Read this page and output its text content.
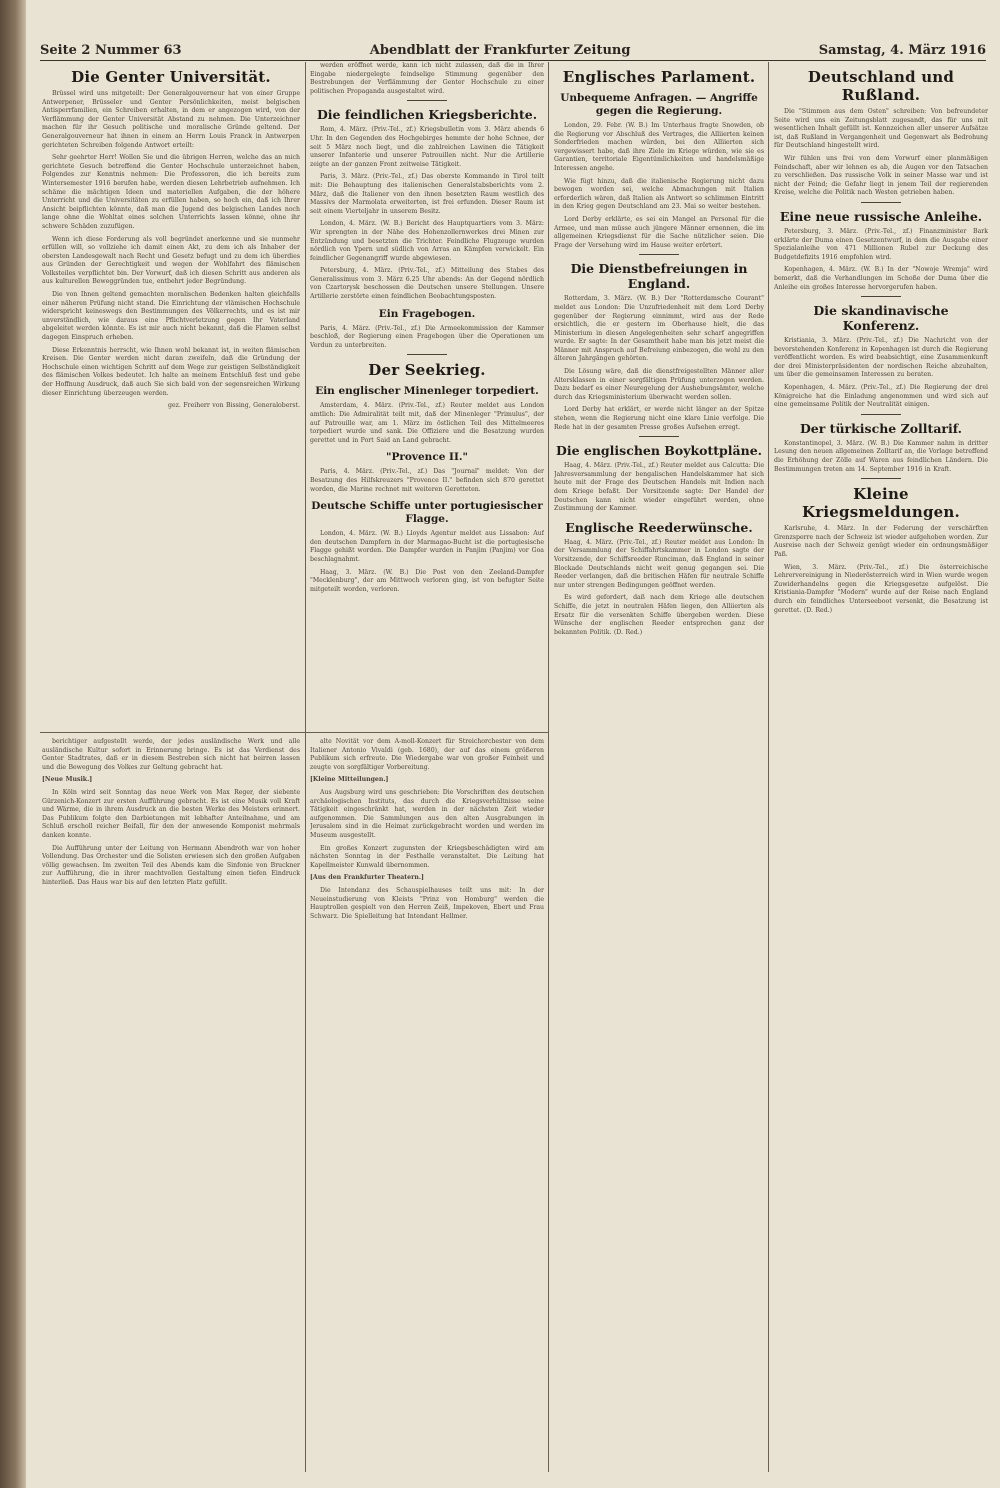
Seite 2 Nummer 63	Abendblatt der Frankfurter Zeitung	Samstag, 4. März 1916
Die Genter Universität.

Brüssel wird uns mitgeteilt: Der Generalgouverneur hat von einer Gruppe Antwerpener, Brüsseler und Genter Persönlichkeiten, meist belgischen Antisperrfamilien, ein Schreiben erhalten, in dem er angezogen wird, von der Verflämmung der Genter Universität Abstand zu nehmen. Die Unterzeichner machen für ihr Gesuch politische und moralische Gründe geltend. Der Generalgouverneur hat ihnen in einem an Herrn Louis Franck in Antwerpen gerichteten Schreiben folgende Antwort erteilt:

Sehr geehrter Herr! Wollen Sie und die übrigen Herren, welche das an mich gerichtete Gesuch betreffend die Genter Hochschule unterzeichnet haben, Folgendes zur Kenntnis nehmen: Die Professoren, die ich bereits zum Wintersemester 1916 berufen habe, werden diesen Lehrbetrieb aufnehmen. Ich schäme die mächtigen Ideen und materiellen Aufgaben, die der höhere Unterricht und die Universitäten zu erfüllen haben, so hoch ein, daß ich Ihrer Ansicht beipflichten könnte, daß man die Jugend des belgischen Landes noch lange ohne die Wohltat eines solchen Unterrichts lassen könne, ohne ihr schwere Schäden zuzufügen.

Wenn ich diese Forderung als voll begründet anerkenne und sie nunmehr erfüllen will, so vollziehe ich damit einen Akt, zu dem ich als Inhaber der obersten Landesgewalt nach Recht und Gesetz befugt und zu dem ich überdies aus Gründen der Gerechtigkeit und wegen der Wohlfahrt des flämischen Volksteiles verpflichtet bin. Der Vorwurf, daß ich diesen Schritt aus anderen als aus kulturellen Beweggründen tue, entbehrt jeder Begründung.

Die von Ihnen geltend gemachten moralischen Bedenken halten gleichfalls einer näheren Prüfung nicht stand. Die Einrichtung der vlämischen Hochschule widerspricht keineswegs den Bestimmungen des Völkerrechts, und es ist mir unverständlich, wie daraus eine Pflichtverletzung gegen Ihr Vaterland abgeleitet werden könnte. Es ist mir auch nicht bekannt, daß die Flamen selbst dagegen Einspruch erheben.

Diese Erkenntnis herrscht, wie Ihnen wohl bekannt ist, in weiten flämischen Kreisen. Die Genter werden nicht daran zweifeln, daß die Gründung der Hochschule einen wichtigen Schritt auf dem Wege zur geistigen Selbständigkeit des flämischen Volkes bedeutet. Ich halte an meinem Entschluß fest und gebe der Hoffnung Ausdruck, daß auch Sie sich bald von der segensreichen Wirkung dieser Einrichtung überzeugen werden.

gez. Freiherr von Bissing, Generaloberst.

werden eröffnet werde, kann ich nicht zulassen, daß die in Ihrer Eingabe niedergelegte feindselige Stimmung gegenüber den Bestrebungen der Verflämmung der Genter Hochschule zu einer politischen Propaganda ausgestaltet wird.

Die feindlichen Kriegsberichte.

Rom, 4. März. (Priv.-Tel., zf.) Kriegsbulletin vom 3. März abends 6 Uhr. In den Gegenden des Hochgebirges hemmte der hohe Schnee, der seit 5 März noch liegt, und die zahlreichen Lawinen die Tätigkeit unserer Infanterie und unserer Patrouillen nicht. Nur die Artillerie zeigte an der ganzen Front zeitweise Tätigkeit.

Paris, 3. März. (Priv.-Tel., zf.) Das oberste Kommando in Tirol teilt mit: Die Behauptung des italienischen Generalstabsberichts vom 2. März, daß die Italiener von den ihnen besetzten Raum westlich des Massivs der Marmolata erweiterten, ist frei erfunden. Dieser Raum ist seit einem Vierteljahr in unserem Besitz.

London, 4. März. (W. B.) Bericht des Hauptquartiers vom 3. März: Wir sprengten in der Nähe des Hohenzollernwerkes drei Minen zur Entzündung und besetzten die Trichter. Feindliche Flugzeuge wurden nördlich von Ypern und südlich von Arras an Kämpfen verwickelt. Ein feindlicher Gegenangriff wurde abgewiesen.

Petersburg, 4. März. (Priv.-Tel., zf.) Mitteilung des Stabes des Generalissimus vom 3. März 6.25 Uhr abends: An der Gegend nördlich von Czartorysk beschossen die Deutschen unsere Stellungen. Unsere Artillerie zerstörte einen feindlichen Beobachtungsposten.

Ein Fragebogen.

Paris, 4. März. (Priv.-Tel., zf.) Die Armeekommission der Kammer beschloß, der Regierung einen Fragebogen über die Operationen um Verdun zu unterbreiten.

Der Seekrieg.
Ein englischer Minenleger torpediert.

Amsterdam, 4. März. (Priv.-Tel., zf.) Reuter meldet aus London amtlich: Die Admiralität teilt mit, daß der Minenleger "Primulus", der auf Patrouille war, am 1. März im östlichen Teil des Mittelmeeres torpediert wurde und sank. Die Offiziere und die Besatzung wurden gerettet und in Port Said an Land gebracht.

"Provence II."

Paris, 4. März. (Priv.-Tel., zf.) Das "Journal" meldet: Von der Besatzung des Hilfskreuzers "Provence II." befinden sich 870 gerettet worden, die Marine rechnet mit weiteren Geretteten.

Deutsche Schiffe unter portugiesischer Flagge.

London, 4. März. (W. B.) Lloyds Agentur meldet aus Lissabon: Auf den deutschen Dampfern in der Marmagao-Bucht ist die portugiesische Flagge gehißt worden. Die Dampfer wurden in Panjim (Panjim) vor Goa beschlagnahmt.

Haag, 3. März. (W. B.) Die Post von den Zeeland-Dampfer "Mecklenburg", der am Mittwoch verloren ging, ist von befugter Seite mitgeteilt worden, verloren.

Englisches Parlament.
Unbequeme Anfragen. — Angriffe gegen die Regierung.

London, 29. Febr. (W. B.) Im Unterhaus fragte Snowden, ob die Regierung vor Abschluß des Vertrages, die Alliierten keinen Sonderfrieden machen würden, bei den Alliierten sich vergewissert habe, daß ihre Ziele im Kriege würden, wie sie es Garantien, territoriale Eigentümlichkeiten und handelsmäßige Interessen angehe.

Wie fügt hinzu, daß die italienische Regierung nicht dazu bewogen worden sei, welche Abmachungen mit Italien erforderlich wären, daß Italien als Antwort so schlimmen Eintritt in den Krieg gegen Deutschland am 23. Mai so weiter bestehen.

Lord Derby erklärte, es sei ein Mangel an Personal für die Armee, und man müsse auch jüngere Männer ernennen, die im allgemeinen Kriegsdienst für die Sache nützlicher seien. Die Frage der Versehung wird im Hause weiter erörtert.

Die Dienstbefreiungen in England.

Rotterdam, 3. März. (W. B.) Der "Rotterdamsche Courant" meldet aus London: Die Unzufriedenheit mit dem Lord Derby gegenüber der Regierung einnimmt, wird aus der Rede ersichtlich, die er gestern im Oberhause hielt, die das Ministerium in diesen Angelegenheiten sehr scharf angegriffen wurde. Er sagte: In der Gesamtheit habe man bis jetzt meist die Männer mit Anspruch auf Befreiung einbezogen, die wohl zu den älteren Jahrgängen gehörten.

Die Lösung wäre, daß die dienstfreigestellten Männer aller Altersklassen in einer sorgfältigen Prüfung unterzogen werden. Dazu bedarf es einer Neuregelung der Aushebungsämter, welche durch das Kriegsministerium überwacht werden sollen.

Lord Derby hat erklärt, er werde nicht länger an der Spitze stehen, wenn die Regierung nicht eine klare Linie verfolge. Die Rede hat in der gesamten Presse großes Aufsehen erregt.

Die englischen Boykottpläne.

Haag, 4. März. (Priv.-Tel., zf.) Reuter meldet aus Calcutta: Die Jahresversammlung der bengalischen Handelskammer hat sich heute mit der Frage des Deutschen Handels mit Indien nach dem Kriege befaßt. Der Vorsitzende sagte: Der Handel der Deutschen kann nicht wieder eingeführt werden, ohne Zustimmung der Kammer.

Englische Reederwünsche.

Haag, 4. März. (Priv.-Tel., zf.) Reuter meldet aus London: In der Versammlung der Schiffahrtskammer in London sagte der Vorsitzende, der Schiffsreeder Runciman, daß England in seiner Blockade Deutschlands nicht weit genug gegangen sei. Die Reeder verlangen, daß die britischen Häfen für neutrale Schiffe nur unter strengen Bedingungen geöffnet werden.

Es wird gefordert, daß nach dem Kriege alle deutschen Schiffe, die jetzt in neutralen Häfen liegen, den Alliierten als Ersatz für die versenkten Schiffe übergeben werden. Diese Wünsche der englischen Reeder entsprechen ganz der bekannten Politik. (D. Red.)

Deutschland und Rußland.

Die "Stimmen aus dem Osten" schreiben: Von befreundeter Seite wird uns ein Zeitungsblatt zugesandt, das für uns mit wesentlichen Inhalt gefüllt ist. Kennzeichen aller unserer Aufsätze ist, daß Rußland in Vergangenheit und Gegenwart als Bedrohung für Deutschland hingestellt wird.

Wir fühlen uns frei von dem Vorwurf einer planmäßigen Feindschaft, aber wir lehnen es ab, die Augen vor den Tatsachen zu verschließen. Das russische Volk in seiner Masse war und ist nicht der Feind; die Gefahr liegt in jenem Teil der regierenden Kreise, welche die Politik nach Westen getrieben haben.

Eine neue russische Anleihe.

Petersburg, 3. März. (Priv.-Tel., zf.) Finanzminister Bark erklärte der Duma einen Gesetzentwurf, in dem die Ausgabe einer Spezialanleihe von 471 Millionen Rubel zur Deckung des Budgetdefizits 1916 empfohlen wird.

Kopenhagen, 4. März. (W. B.) In der "Nowoje Wremja" wird bemerkt, daß die Verhandlungen im Schoße der Duma über die Anleihe ein großes Interesse hervorgerufen haben.

Die skandinavische Konferenz.

Kristiania, 3. März. (Priv.-Tel., zf.) Die Nachricht von der bevorstehenden Konferenz in Kopenhagen ist durch die Regierung veröffentlicht worden. Es wird beabsichtigt, eine Zusammenkunft der drei Ministerpräsidenten der nordischen Reiche abzuhalten, um über die gemeinsamen Interessen zu beraten.

Kopenhagen, 4. März. (Priv.-Tel., zf.) Die Regierung der drei Königreiche hat die Einladung angenommen und wird sich auf eine gemeinsame Politik der Neutralität einigen.

Der türkische Zolltarif.

Konstantinopel, 3. März. (W. B.) Die Kammer nahm in dritter Lesung den neuen allgemeinen Zolltarif an, die Vorlage betreffend die Erhöhung der Zölle auf Waren aus feindlichen Ländern. Die Bestimmungen treten am 14. September 1916 in Kraft.

Kleine Kriegsmeldungen.

Karlsruhe, 4. März. In der Federung der verschärften Grenzsperre nach der Schweiz ist wieder aufgehoben worden. Zur Ausreise nach der Schweiz genügt wieder ein ordnungsmäßiger Paß.

Wien, 3. März. (Priv.-Tel., zf.) Die österreichische Lehrervereinigung in Niederösterreich wird in Wien wurde wegen Zuwiderhandelns gegen die Kriegsgesetze aufgelöst. Die Kristiania-Dampfer "Modern" wurde auf der Reise nach England durch ein feindliches Unterseeboot versenkt, die Besatzung ist gerettet. (D. Red.)

berichtiger aufgestellt werde, der jedes ausländische Werk und alle ausländische Kultur sofort in Erinnerung bringe. Es ist das Verdienst des Genter Stadtrates, daß er in diesem Bestreben sich nicht hat beirren lassen und die Bewegung des Volkes zur Geltung gebracht hat.

[Neue Musik.]

In Köln wird seit Sonntag das neue Werk von Max Reger, der siebente Gürzenich-Konzert zur ersten Aufführung gebracht. Es ist eine Musik voll Kraft und Wärme, die in ihrem Ausdruck an die besten Werke des Meisters erinnert. Das Publikum folgte den Darbietungen mit lebhafter Anteilnahme, und am Schluß erscholl reicher Beifall, für den der anwesende Komponist mehrmals danken konnte.

Die Aufführung unter der Leitung von Hermann Abendroth war von hoher Vollendung. Das Orchester und die Solisten erwiesen sich den großen Aufgaben völlig gewachsen. Im zweiten Teil des Abends kam die Sinfonie von Bruckner zur Aufführung, die in ihrer machtvollen Gestaltung einen tiefen Eindruck hinterließ. Das Haus war bis auf den letzten Platz gefüllt.

alte Novität vor dem A-moll-Konzert für Streichorchester von dem Italiener Antonio Vivaldi (geb. 1680), der auf das einem größeren Publikum sich erfreute. Die Wiedergabe war von großer Feinheit und zeugte von sorgfältiger Vorbereitung.

[Kleine Mitteilungen.]

Aus Augsburg wird uns geschrieben: Die Vorschriften des deutschen archäologischen Instituts, das durch die Kriegsverhältnisse seine Tätigkeit eingeschränkt hat, werden in der nächsten Zeit wieder aufgenommen. Die Sammlungen aus den alten Ausgrabungen in Jerusalem sind in die Heimat zurückgebracht worden und werden im Museum ausgestellt.

Ein großes Konzert zugunsten der Kriegsbeschädigten wird am nächsten Sonntag in der Festhalle veranstaltet. Die Leitung hat Kapellmeister Kunwald übernommen.

[Aus den Frankfurter Theatern.]

Die Intendanz des Schauspielhauses teilt uns mit: In der Neueinstudierung von Kleists "Prinz von Homburg" werden die Hauptrollen gespielt von den Herren Zeiß, Impekoven, Ebert und Frau Schwarz. Die Spielleitung hat Intendant Hellmer.
